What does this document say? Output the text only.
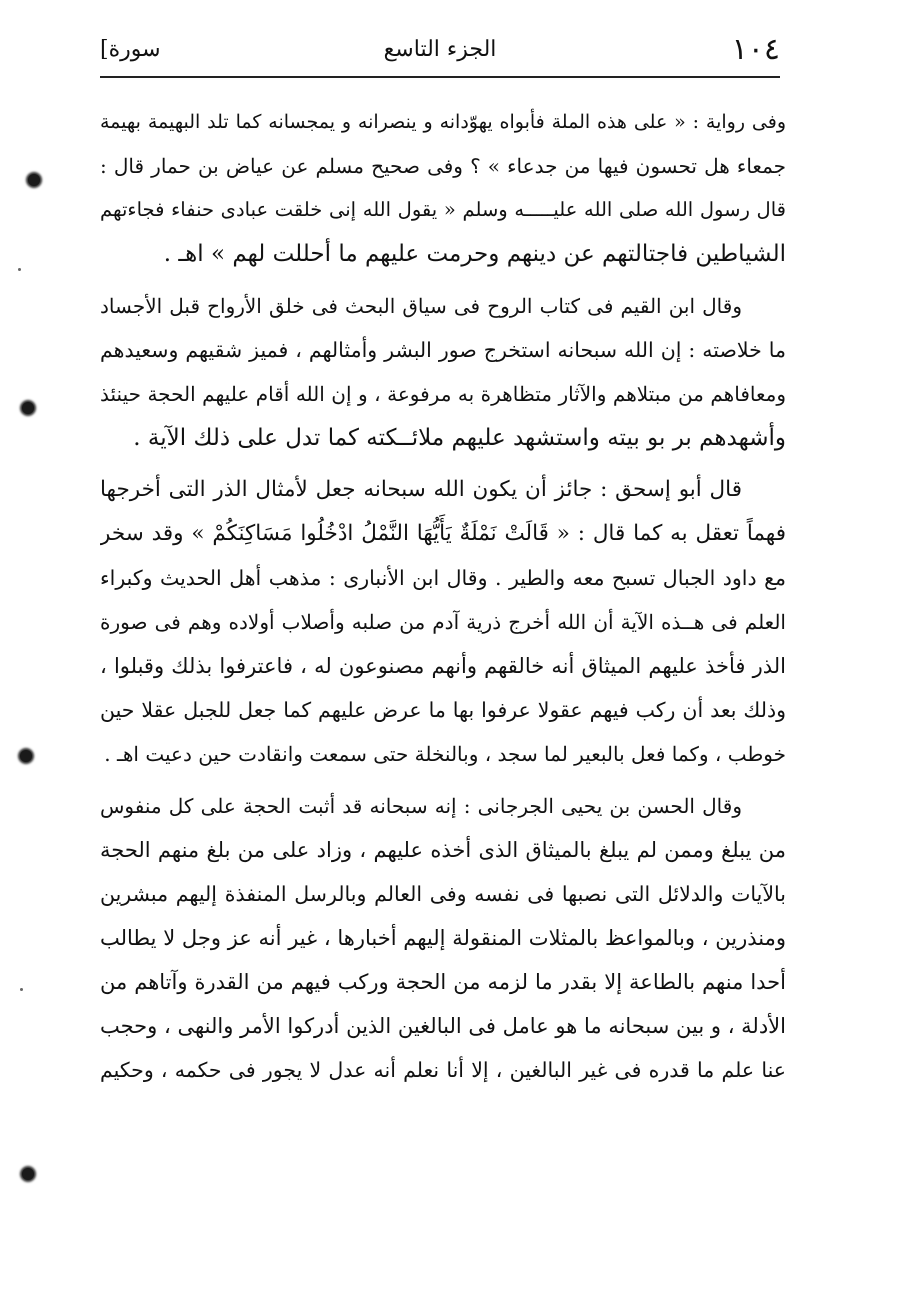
١٠٤
الجزء التاسع
[سورة
وفى رواية : « على هذه الملة فأبواه يهوّدانه و ينصرانه و يمجسانه كما تلد البهيمة بهيمة
جمعاء هل تحسون فيها من جدعاء » ؟ وفى صحيح مسلم عن عياض بن حمار قال :
قال رسول الله صلى الله عليـــــه وسلم « يقول الله إنى خلقت عبادى حنفاء فجاءتهم
الشياطين فاجتالتهم عن دينهم وحرمت عليهم ما أحللت لهم » اهـ .
وقال ابن القيم فى كتاب الروح فى سياق البحث فى خلق الأرواح قبل الأجساد
ما خلاصته : إن الله سبحانه استخرج صور البشر وأمثالهم ، فميز شقيهم وسعيدهم
ومعافاهم من مبتلاهم والآثار متظاهرة به مرفوعة ، و إن الله أقام عليهم الحجة حينئذ
وأشهدهم بر بو بيته واستشهد عليهم ملائــكته كما تدل على ذلك الآية .
قال أبو إسحق : جائز أن يكون الله سبحانه جعل لأمثال الذر التى أخرجها
فهماً تعقل به كما قال : « قَالَتْ نَمْلَةٌ يَأَيُّهَا النَّمْلُ ادْخُلُوا مَسَاكِنَكُمْ » وقد سخر
مع داود الجبال تسبح معه والطير . وقال ابن الأنبارى : مذهب أهل الحديث وكبراء
العلم فى هــذه الآية أن الله أخرج ذرية آدم من صلبه وأصلاب أولاده وهم فى صورة
الذر فأخذ عليهم الميثاق أنه خالقهم وأنهم مصنوعون له ، فاعترفوا بذلك وقبلوا ،
وذلك بعد أن ركب فيهم عقولا عرفوا بها ما عرض عليهم كما جعل للجبل عقلا حين
خوطب ، وكما فعل بالبعير لما سجد ، وبالنخلة حتى سمعت وانقادت حين دعيت اهـ .
وقال الحسن بن يحيى الجرجانى : إنه سبحانه قد أثبت الحجة على كل منفوس
من يبلغ وممن لم يبلغ بالميثاق الذى أخذه عليهم ، وزاد على من بلغ منهم الحجة
بالآيات والدلائل التى نصبها فى نفسه وفى العالم وبالرسل المنفذة إليهم مبشرين
ومنذرين ، وبالمواعظ بالمثلات المنقولة إليهم أخبارها ، غير أنه عز وجل لا يطالب
أحدا منهم بالطاعة إلا بقدر ما لزمه من الحجة وركب فيهم من القدرة وآتاهم من
الأدلة ، و بين سبحانه ما هو عامل فى البالغين الذين أدركوا الأمر والنهى ، وحجب
عنا علم ما قدره فى غير البالغين ، إلا أنا نعلم أنه عدل لا يجور فى حكمه ، وحكيم
